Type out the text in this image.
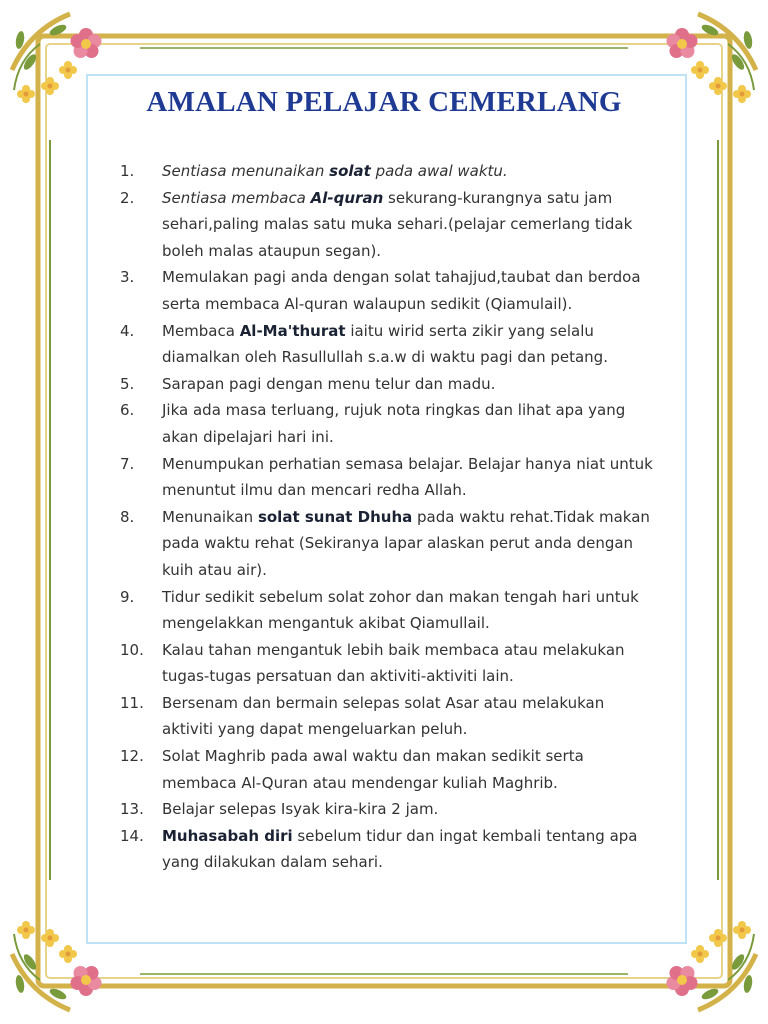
AMALAN PELAJAR CEMERLANG
1. Sentiasa menunaikan solat pada awal waktu.
2. Sentiasa membaca Al-quran sekurang-kurangnya satu jam sehari,paling malas satu muka sehari.(pelajar cemerlang tidak boleh malas ataupun segan).
3. Memulakan pagi anda dengan solat tahajjud,taubat dan berdoa serta membaca Al-quran walaupun sedikit (Qiamulail).
4. Membaca Al-Ma'thurat iaitu wirid serta zikir yang selalu diamalkan oleh Rasullullah s.a.w di waktu pagi dan petang.
5. Sarapan pagi dengan menu telur dan madu.
6. Jika ada masa terluang, rujuk nota ringkas dan lihat apa yang akan dipelajari hari ini.
7. Menumpukan perhatian semasa belajar. Belajar hanya niat untuk menuntut ilmu dan mencari redha Allah.
8. Menunaikan solat sunat Dhuha pada waktu rehat.Tidak makan pada waktu rehat (Sekiranya lapar alaskan perut anda dengan kuih atau air).
9. Tidur sedikit sebelum solat zohor dan makan tengah hari untuk mengelakkan mengantuk akibat Qiamullail.
10. Kalau tahan mengantuk lebih baik membaca atau melakukan tugas-tugas persatuan dan aktiviti-aktiviti lain.
11. Bersenam dan bermain selepas solat Asar atau melakukan aktiviti yang dapat mengeluarkan peluh.
12. Solat Maghrib pada awal waktu dan makan sedikit serta membaca Al-Quran atau mendengar kuliah Maghrib.
13. Belajar selepas Isyak kira-kira 2 jam.
14. Muhasabah diri sebelum tidur dan ingat kembali tentang apa yang dilakukan dalam sehari.
